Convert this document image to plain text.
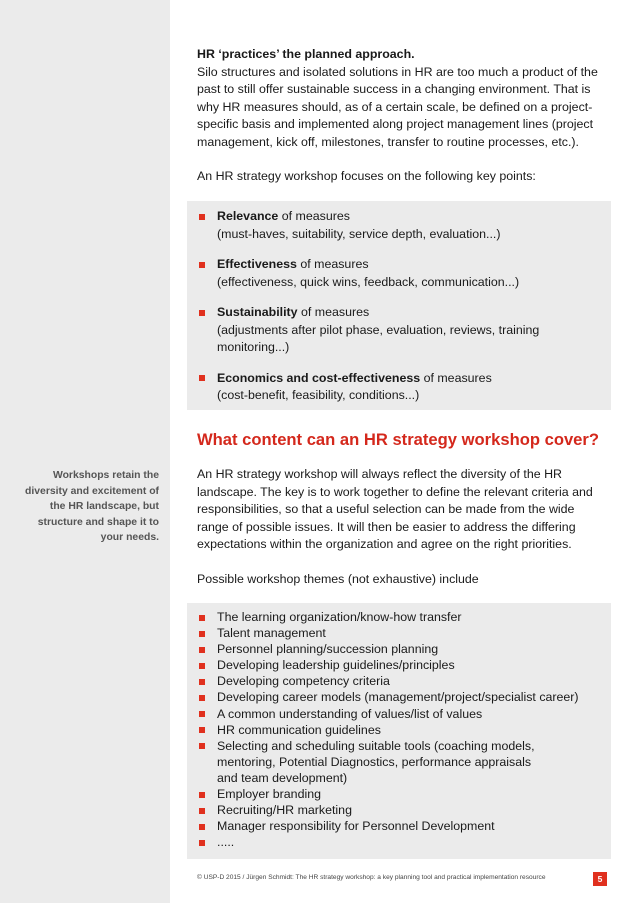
Workshops retain the diversity and excitement of the HR landscape, but structure and shape it to your needs.

HR ‘practices’ the planned approach.

Silo structures and isolated solutions in HR are too much a product of the past to still offer sustainable success in a changing environment. That is why HR measures should, as of a certain scale, be defined on a project-specific basis and implemented along project management lines (project management, kick off, milestones, transfer to routine processes, etc.).

An HR strategy workshop focuses on the following key points:

Relevance of measures
(must-haves, suitability, service depth, evaluation...)
Effectiveness of measures
(effectiveness, quick wins, feedback, communication...)
Sustainability of measures
(adjustments after pilot phase, evaluation, reviews, training monitoring...)
Economics and cost-effectiveness of measures
(cost-benefit, feasibility, conditions...)
What content can an HR strategy workshop cover?

An HR strategy workshop will always reflect the diversity of the HR landscape. The key is to work together to define the relevant criteria and responsibilities, so that a useful selection can be made from the wide range of possible issues. It will then be easier to address the differing expectations within the organization and agree on the right priorities.

Possible workshop themes (not exhaustive) include

The learning organization/know-how transfer
Talent management
Personnel planning/succession planning
Developing leadership guidelines/principles
Developing competency criteria
Developing career models (management/project/specialist career)
A common understanding of values/list of values
HR communication guidelines
Selecting and scheduling suitable tools (coaching models, mentoring, Potential Diagnostics, performance appraisals and team development)
Employer branding
Recruiting/HR marketing
Manager responsibility for Personnel Development
.....
© USP-D 2015 / Jürgen Schmidt: The HR strategy workshop: a key planning tool and practical implementation resource	5
